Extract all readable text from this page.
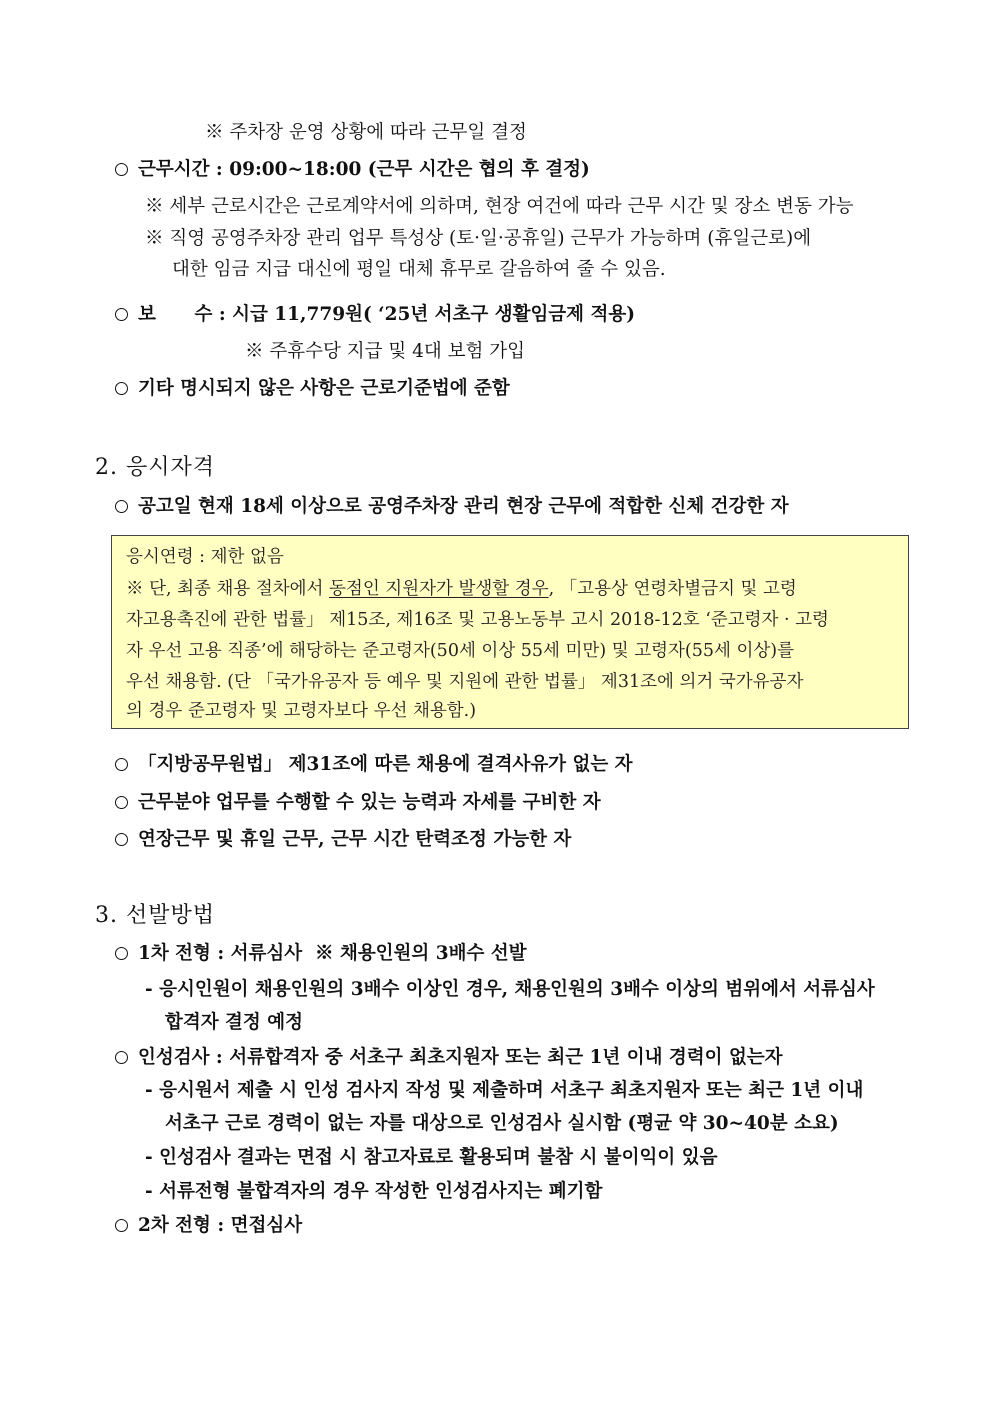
※ 주차장 운영 상황에 따라 근무일 결정
근무시간 : 09:00~18:00 (근무 시간은 협의 후 결정)
※ 세부 근로시간은 근로계약서에 의하며, 현장 여건에 따라 근무 시간 및 장소 변동 가능
※ 직영 공영주차장 관리 업무 특성상 (토·일·공휴일) 근무가 가능하며 (휴일근로)에
대한 임금 지급 대신에 평일 대체 휴무로 갈음하여 줄 수 있음.
보      수 : 시급 11,779원( ‘25년 서초구 생활임금제 적용)
※ 주휴수당 지급 및 4대 보험 가입
기타 명시되지 않은 사항은 근로기준법에 준함
2. 응시자격
공고일 현재 18세 이상으로 공영주차장 관리 현장 근무에 적합한 신체 건강한 자
응시연령 : 제한 없음
※ 단, 최종 채용 절차에서 동점인 지원자가 발생할 경우, 「고용상 연령차별금지 및 고령
자고용촉진에 관한 법률」 제15조, 제16조 및 고용노동부 고시 2018-12호 ‘준고령자 · 고령
자 우선 고용 직종’에 해당하는 준고령자(50세 이상 55세 미만) 및 고령자(55세 이상)를
우선 채용함. (단 「국가유공자 등 예우 및 지원에 관한 법률」 제31조에 의거 국가유공자
의 경우 준고령자 및 고령자보다 우선 채용함.)
「지방공무원법」 제31조에 따른 채용에 결격사유가 없는 자
근무분야 업무를 수행할 수 있는 능력과 자세를 구비한 자
연장근무 및 휴일 근무, 근무 시간 탄력조정 가능한 자
3. 선발방법
1차 전형 : 서류심사  ※ 채용인원의 3배수 선발
- 응시인원이 채용인원의 3배수 이상인 경우, 채용인원의 3배수 이상의 범위에서 서류심사
합격자 결정 예정
인성검사 : 서류합격자 중 서초구 최초지원자 또는 최근 1년 이내 경력이 없는자
- 응시원서 제출 시 인성 검사지 작성 및 제출하며 서초구 최초지원자 또는 최근 1년 이내
서초구 근로 경력이 없는 자를 대상으로 인성검사 실시함 (평균 약 30~40분 소요)
- 인성검사 결과는 면접 시 참고자료로 활용되며 불참 시 불이익이 있음
- 서류전형 불합격자의 경우 작성한 인성검사지는 폐기함
2차 전형 : 면접심사
